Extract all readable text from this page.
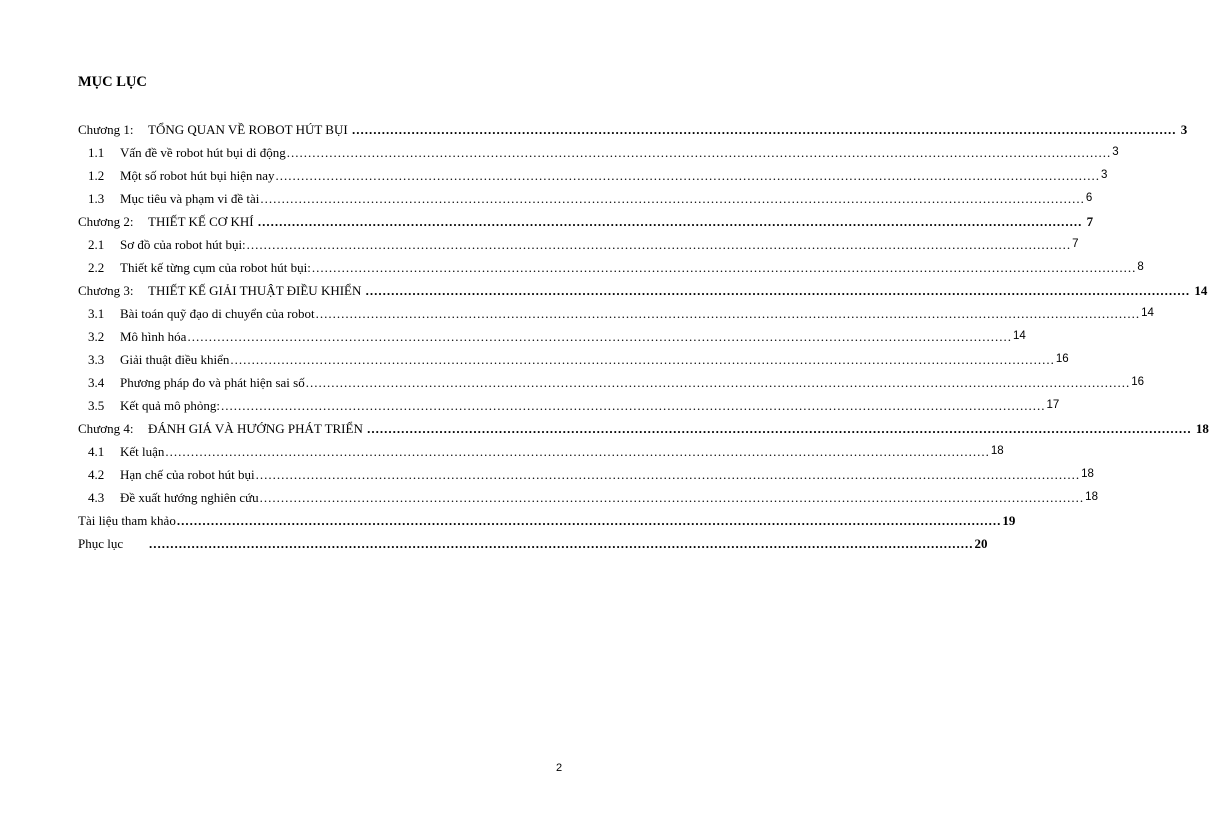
MỤC LỤC
Chương 1: TỔNG QUAN VỀ ROBOT HÚT BỤI .....	3
1.1 Vấn đề về robot hút bụi di động .....	3
1.2 Một số robot hút bụi hiện nay .....	3
1.3 Mục tiêu và phạm vi đề tài .....	6
Chương 2: THIẾT KẾ CƠ KHÍ .....	7
2.1 Sơ đồ của robot hút bụi: .....	7
2.2 Thiết kế từng cụm của robot hút bụi: .....	8
Chương 3: THIẾT KẾ GIẢI THUẬT ĐIỀU KHIỂN .....	14
3.1 Bài toán quỹ đạo di chuyển của robot .....	14
3.2 Mô hình hóa .....	14
3.3 Giải thuật điều khiển .....	16
3.4 Phương pháp đo và phát hiện sai số .....	16
3.5 Kết quả mô phỏng: .....	17
Chương 4: ĐÁNH GIÁ VÀ HƯỚNG PHÁT TRIỂN .....	18
4.1 Kết luận .....	18
4.2 Hạn chế của robot hút bụi .....	18
4.3 Đề xuất hướng nghiên cứu .....	18
Tài liệu tham khảo .....	19
Phục lục .....	20
2
